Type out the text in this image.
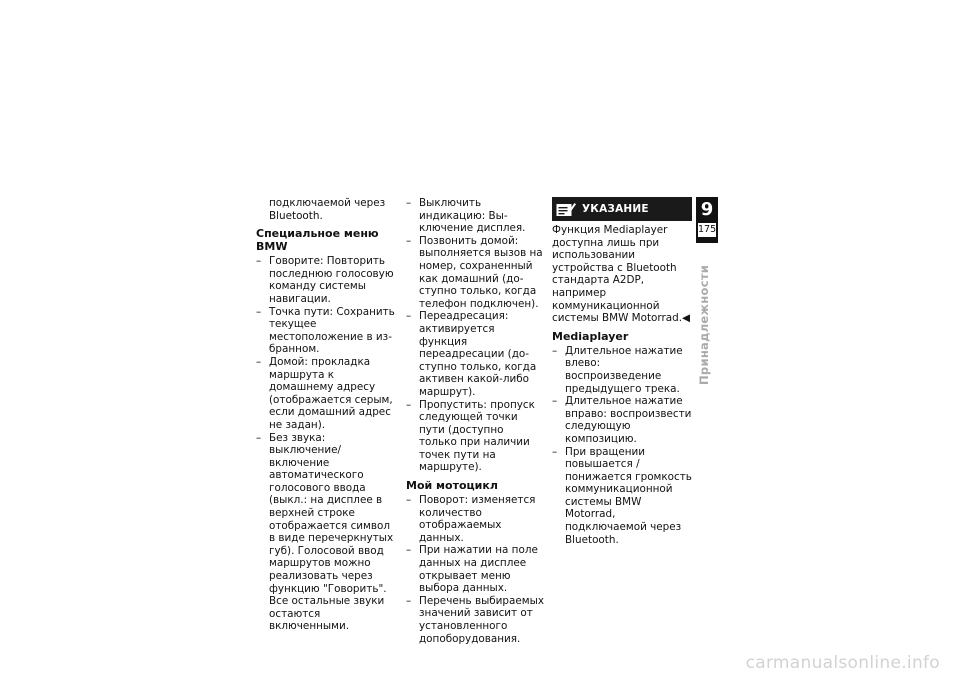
подключаемой через Bluetooth.

Специальное меню BMW
– Говорите: Повторить последнюю голосовую команду системы навигации.
– Точка пути: Сохранить текущее местоположение в избранном.
– Домой: прокладка маршрута к домашнему адресу (отображается серым, если домашний адрес не задан).
– Без звука: выключение/ включение автоматического голосового ввода (выкл.: на дисплее в верхней строке отображается символ в виде перечеркнутых губ). Голосовой ввод маршрутов можно реализовать через функцию "Говорить". Все остальные звуки остаются включенными.
– Выключить индикацию: Выключение дисплея.
– Позвонить домой: выполняется вызов на номер, сохраненный как домашний (доступно только, когда телефон подключен).
– Переадресация: активируется функция переадресации (доступно только, когда активен какой-либо маршрут).
– Пропустить: пропуск следующей точки пути (доступно только при наличии точек пути на маршруте).
Мой мотоцикл
– Поворот: изменяется количество отображаемых данных.
– При нажатии на поле данных на дисплее открывает меню выбора данных.
– Перечень выбираемых значений зависит от установленного допоборудования.
УКАЗАНИЕ

Функция Mediaplayer доступна лишь при использовании устройства с Bluetooth стандарта A2DP, например коммуникационной системы BMW Motorrad.◀

Mediaplayer
– Длительное нажатие влево: воспроизведение предыдущего трека.
– Длительное нажатие вправо: воспроизвести следующую композицию.
– При вращении повышается / понижается громкость коммуникационной системы BMW Motorrad, подключаемой через Bluetooth.
9
175
Принадлежности
carmanualsonline.info
